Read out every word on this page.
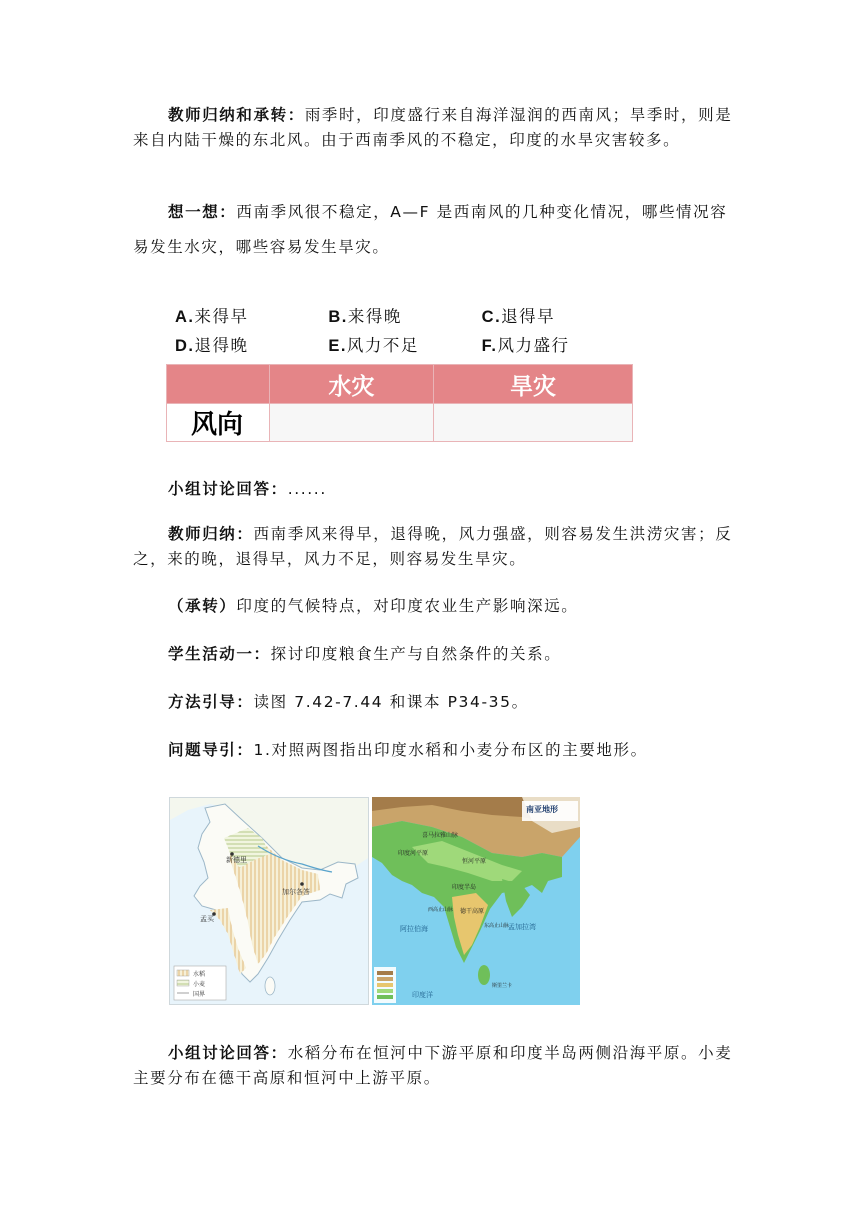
教师归纳和承转：雨季时，印度盛行来自海洋湿润的西南风；旱季时，则是来自内陆干燥的东北风。由于西南季风的不稳定，印度的水旱灾害较多。
想一想：西南季风很不稳定，A—F 是西南风的几种变化情况，哪些情况容易发生水灾，哪些容易发生旱灾。
A.来得早	B.来得晚	C.退得早
D.退得晚	E.风力不足	F.风力盛行
	水灾	旱灾
风向		
小组讨论回答：......
教师归纳：西南季风来得早，退得晚，风力强盛，则容易发生洪涝灾害；反之，来的晚，退得早，风力不足，则容易发生旱灾。
（承转）印度的气候特点，对印度农业生产影响深远。
学生活动一：探讨印度粮食生产与自然条件的关系。
方法引导：读图 7.42-7.44 和课本 P34-35。
问题导引：1.对照两图指出印度水稻和小麦分布区的主要地形。
新德里
加尔各答
孟买
水稻
小麦
国界
南亚地形
喜马拉雅山脉
印度河平原
恒河平原
印度半岛
德干高原
西高止山脉
东高止山脉
阿拉伯海	孟加拉湾
斯里兰卡
印度洋
小组讨论回答：水稻分布在恒河中下游平原和印度半岛两侧沿海平原。小麦主要分布在德干高原和恒河中上游平原。
